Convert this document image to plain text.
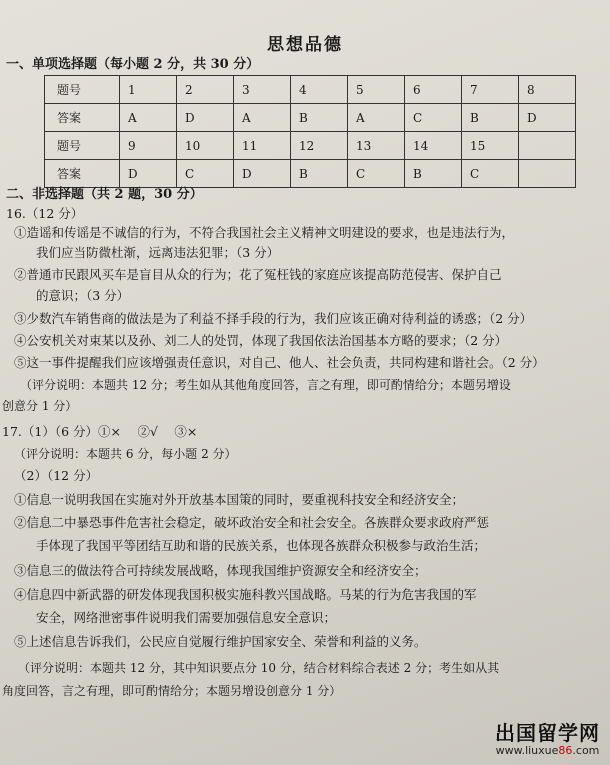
思想品德
一、单项选择题（每小题 2 分，共 30 分）
题号	1	2	3	4	5	6	7	8
答案	A	D	A	B	A	C	B	D
题号	9	10	11	12	13	14	15	
答案	D	C	D	B	C	B	C	
二、非选择题（共 2 题，30 分）
16.（12 分）
①造谣和传谣是不诚信的行为，不符合我国社会主义精神文明建设的要求，也是违法行为，
我们应当防微杜渐，远离违法犯罪；（3 分）
②普通市民跟风买车是盲目从众的行为；花了冤枉钱的家庭应该提高防范侵害、保护自己
的意识；（3 分）
③少数汽车销售商的做法是为了利益不择手段的行为，我们应该正确对待利益的诱惑；（2 分）
④公安机关对束某以及孙、刘二人的处罚，体现了我国依法治国基本方略的要求；（2 分）
⑤这一事件提醒我们应该增强责任意识，对自己、他人、社会负责，共同构建和谐社会。（2 分）
（评分说明：本题共 12 分；考生如从其他角度回答，言之有理，即可酌情给分；本题另增设
创意分 1 分）
17.（1）（6 分）①×　 ②√　 ③×
（评分说明：本题共 6 分，每小题 2 分）
（2）（12 分）
①信息一说明我国在实施对外开放基本国策的同时，要重视科技安全和经济安全；
②信息二中暴恐事件危害社会稳定，破坏政治安全和社会安全。各族群众要求政府严惩
手体现了我国平等团结互助和谐的民族关系，也体现各族群众积极参与政治生活；
③信息三的做法符合可持续发展战略，体现我国维护资源安全和经济安全；
④信息四中新武器的研发体现我国积极实施科教兴国战略。马某的行为危害我国的军
安全，网络泄密事件说明我们需要加强信息安全意识；
⑤上述信息告诉我们，公民应自觉履行维护国家安全、荣誉和利益的义务。
（评分说明：本题共 12 分，其中知识要点分 10 分，结合材料综合表述 2 分；考生如从其
角度回答，言之有理，即可酌情给分；本题另增设创意分 1 分）
出国留学网
www.liuxue86.com
